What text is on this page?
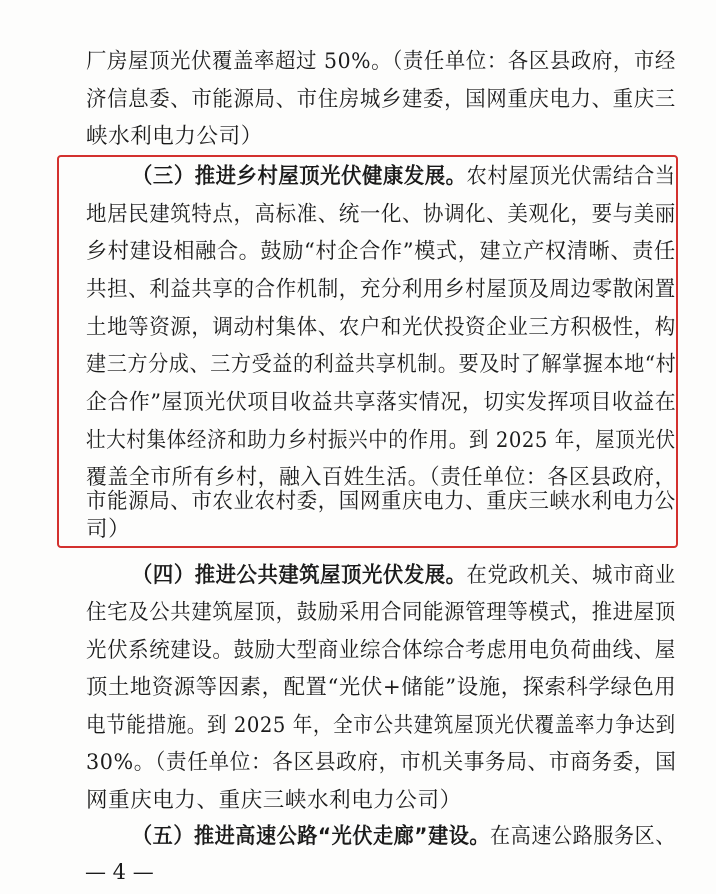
厂房屋顶光伏覆盖率超过 50%。（责任单位：各区县政府，市经
济信息委、市能源局、市住房城乡建委，国网重庆电力、重庆三
峡水利电力公司）
（三）推进乡村屋顶光伏健康发展。农村屋顶光伏需结合当
地居民建筑特点，高标准、统一化、协调化、美观化，要与美丽
乡村建设相融合。鼓励“村企合作”模式，建立产权清晰、责任
共担、利益共享的合作机制，充分利用乡村屋顶及周边零散闲置
土地等资源，调动村集体、农户和光伏投资企业三方积极性，构
建三方分成、三方受益的利益共享机制。要及时了解掌握本地“村
企合作”屋顶光伏项目收益共享落实情况，切实发挥项目收益在
壮大村集体经济和助力乡村振兴中的作用。到 2025 年，屋顶光伏
覆盖全市所有乡村，融入百姓生活。（责任单位：各区县政府，
市能源局、市农业农村委，国网重庆电力、重庆三峡水利电力公
司）
（四）推进公共建筑屋顶光伏发展。在党政机关、城市商业
住宅及公共建筑屋顶，鼓励采用合同能源管理等模式，推进屋顶
光伏系统建设。鼓励大型商业综合体综合考虑用电负荷曲线、屋
顶土地资源等因素，配置“光伏+储能”设施，探索科学绿色用
电节能措施。到 2025 年，全市公共建筑屋顶光伏覆盖率力争达到
30%。（责任单位：各区县政府，市机关事务局、市商务委，国
网重庆电力、重庆三峡水利电力公司）
（五）推进高速公路“光伏走廊”建设。在高速公路服务区、
— 4 —
